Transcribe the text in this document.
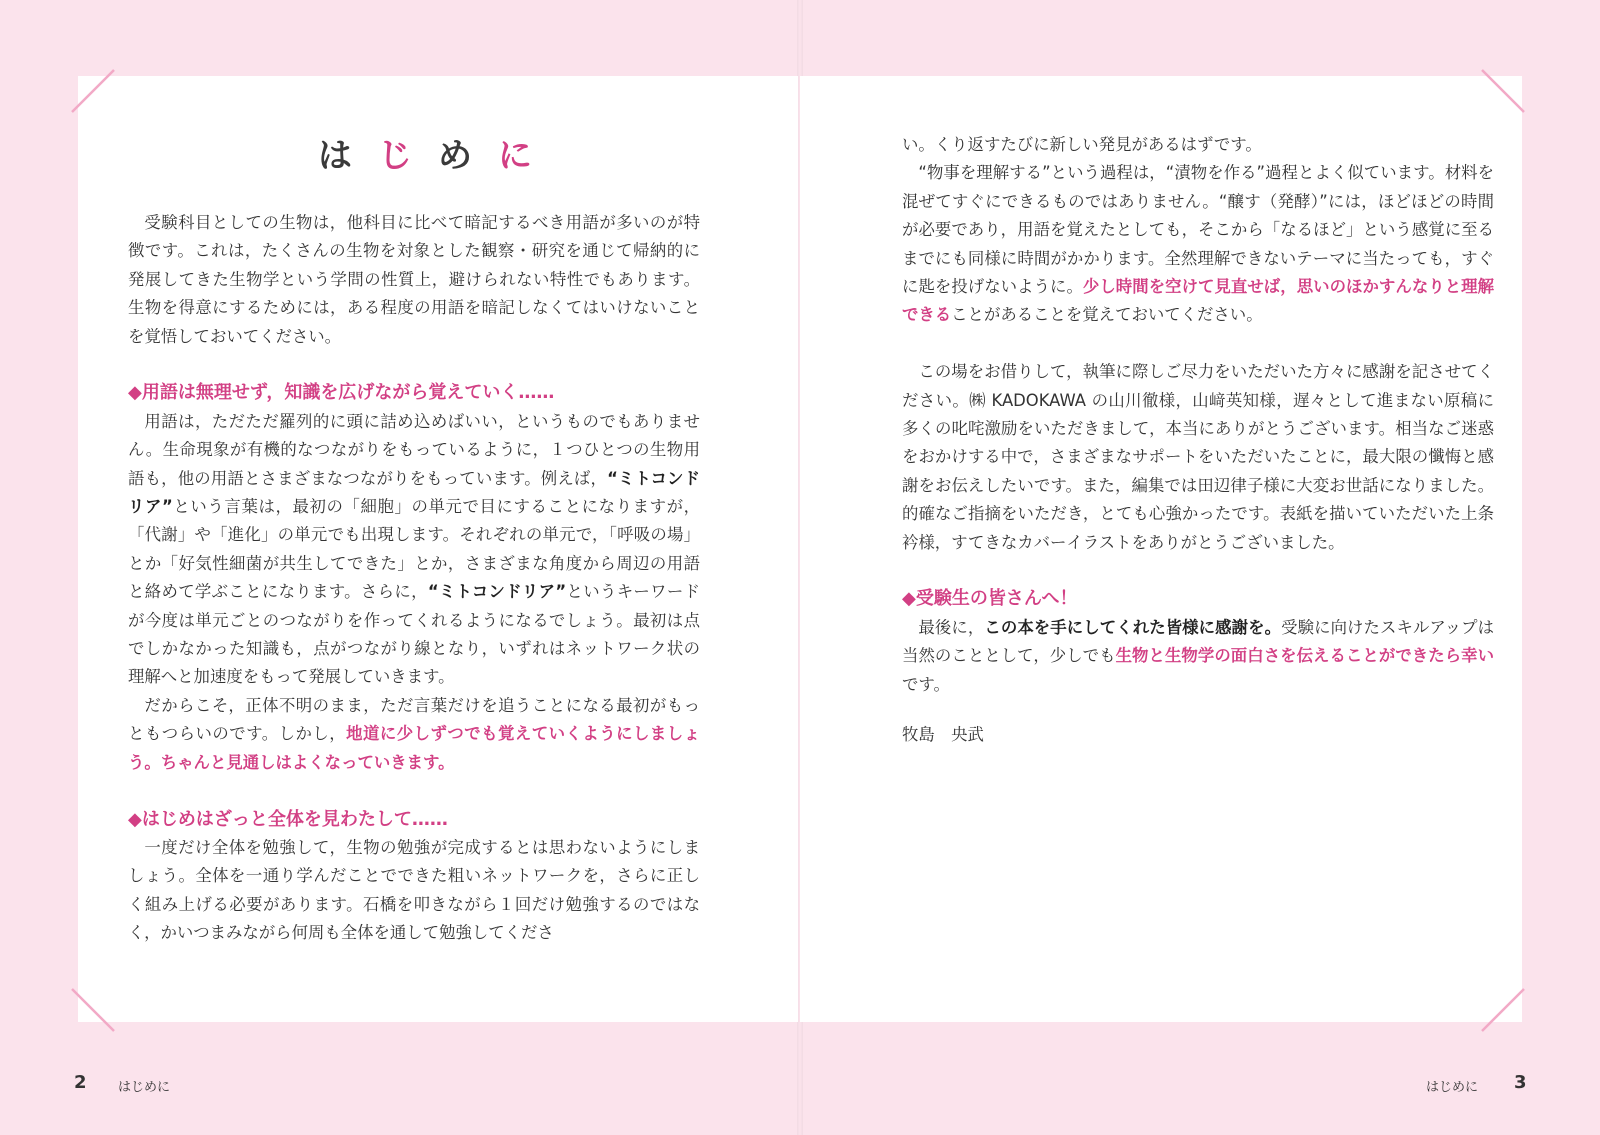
はじめに

受験科目としての生物は，他科目に比べて暗記するべき用語が多いのが特徴です。これは，たくさんの生物を対象とした観察・研究を通じて帰納的に発展してきた生物学という学問の性質上，避けられない特性でもあります。生物を得意にするためには，ある程度の用語を暗記しなくてはいけないことを覚悟しておいてください。

◆用語は無理せず，知識を広げながら覚えていく……

用語は，ただただ羅列的に頭に詰め込めばいい，というものでもありません。生命現象が有機的なつながりをもっているように，１つひとつの生物用語も，他の用語とさまざまなつながりをもっています。例えば，“ミトコンドリア”という言葉は，最初の「細胞」の単元で目にすることになりますが，「代謝」や「進化」の単元でも出現します。それぞれの単元で，「呼吸の場」とか「好気性細菌が共生してできた」とか，さまざまな角度から周辺の用語と絡めて学ぶことになります。さらに，“ミトコンドリア”というキーワードが今度は単元ごとのつながりを作ってくれるようになるでしょう。最初は点でしかなかった知識も，点がつながり線となり，いずれはネットワーク状の理解へと加速度をもって発展していきます。

だからこそ，正体不明のまま，ただ言葉だけを追うことになる最初がもっともつらいのです。しかし，地道に少しずつでも覚えていくようにしましょう。ちゃんと見通しはよくなっていきます。

◆はじめはざっと全体を見わたして……

一度だけ全体を勉強して，生物の勉強が完成するとは思わないようにしましょう。全体を一通り学んだことでできた粗いネットワークを，さらに正しく組み上げる必要があります。石橋を叩きながら１回だけ勉強するのではなく，かいつまみながら何周も全体を通して勉強してくださ

い。くり返すたびに新しい発見があるはずです。

“物事を理解する”という過程は，“漬物を作る”過程とよく似ています。材料を混ぜてすぐにできるものではありません。“醸す（発酵）”には，ほどほどの時間が必要であり，用語を覚えたとしても，そこから「なるほど」という感覚に至るまでにも同様に時間がかかります。全然理解できないテーマに当たっても，すぐに匙を投げないように。少し時間を空けて見直せば，思いのほかすんなりと理解できることがあることを覚えておいてください。

この場をお借りして，執筆に際しご尽力をいただいた方々に感謝を記させてください。㈱ KADOKAWA の山川徹様，山﨑英知様，遅々として進まない原稿に多くの叱咤激励をいただきまして，本当にありがとうございます。相当なご迷惑をおかけする中で，さまざまなサポートをいただいたことに，最大限の懺悔と感謝をお伝えしたいです。また，編集では田辺律子様に大変お世話になりました。的確なご指摘をいただき，とても心強かったです。表紙を描いていただいた上条衿様，すてきなカバーイラストをありがとうございました。

◆受験生の皆さんへ！

最後に，この本を手にしてくれた皆様に感謝を。受験に向けたスキルアップは当然のこととして，少しでも生物と生物学の面白さを伝えることができたら幸いです。

牧島　央武

2 はじめに	はじめに 3
